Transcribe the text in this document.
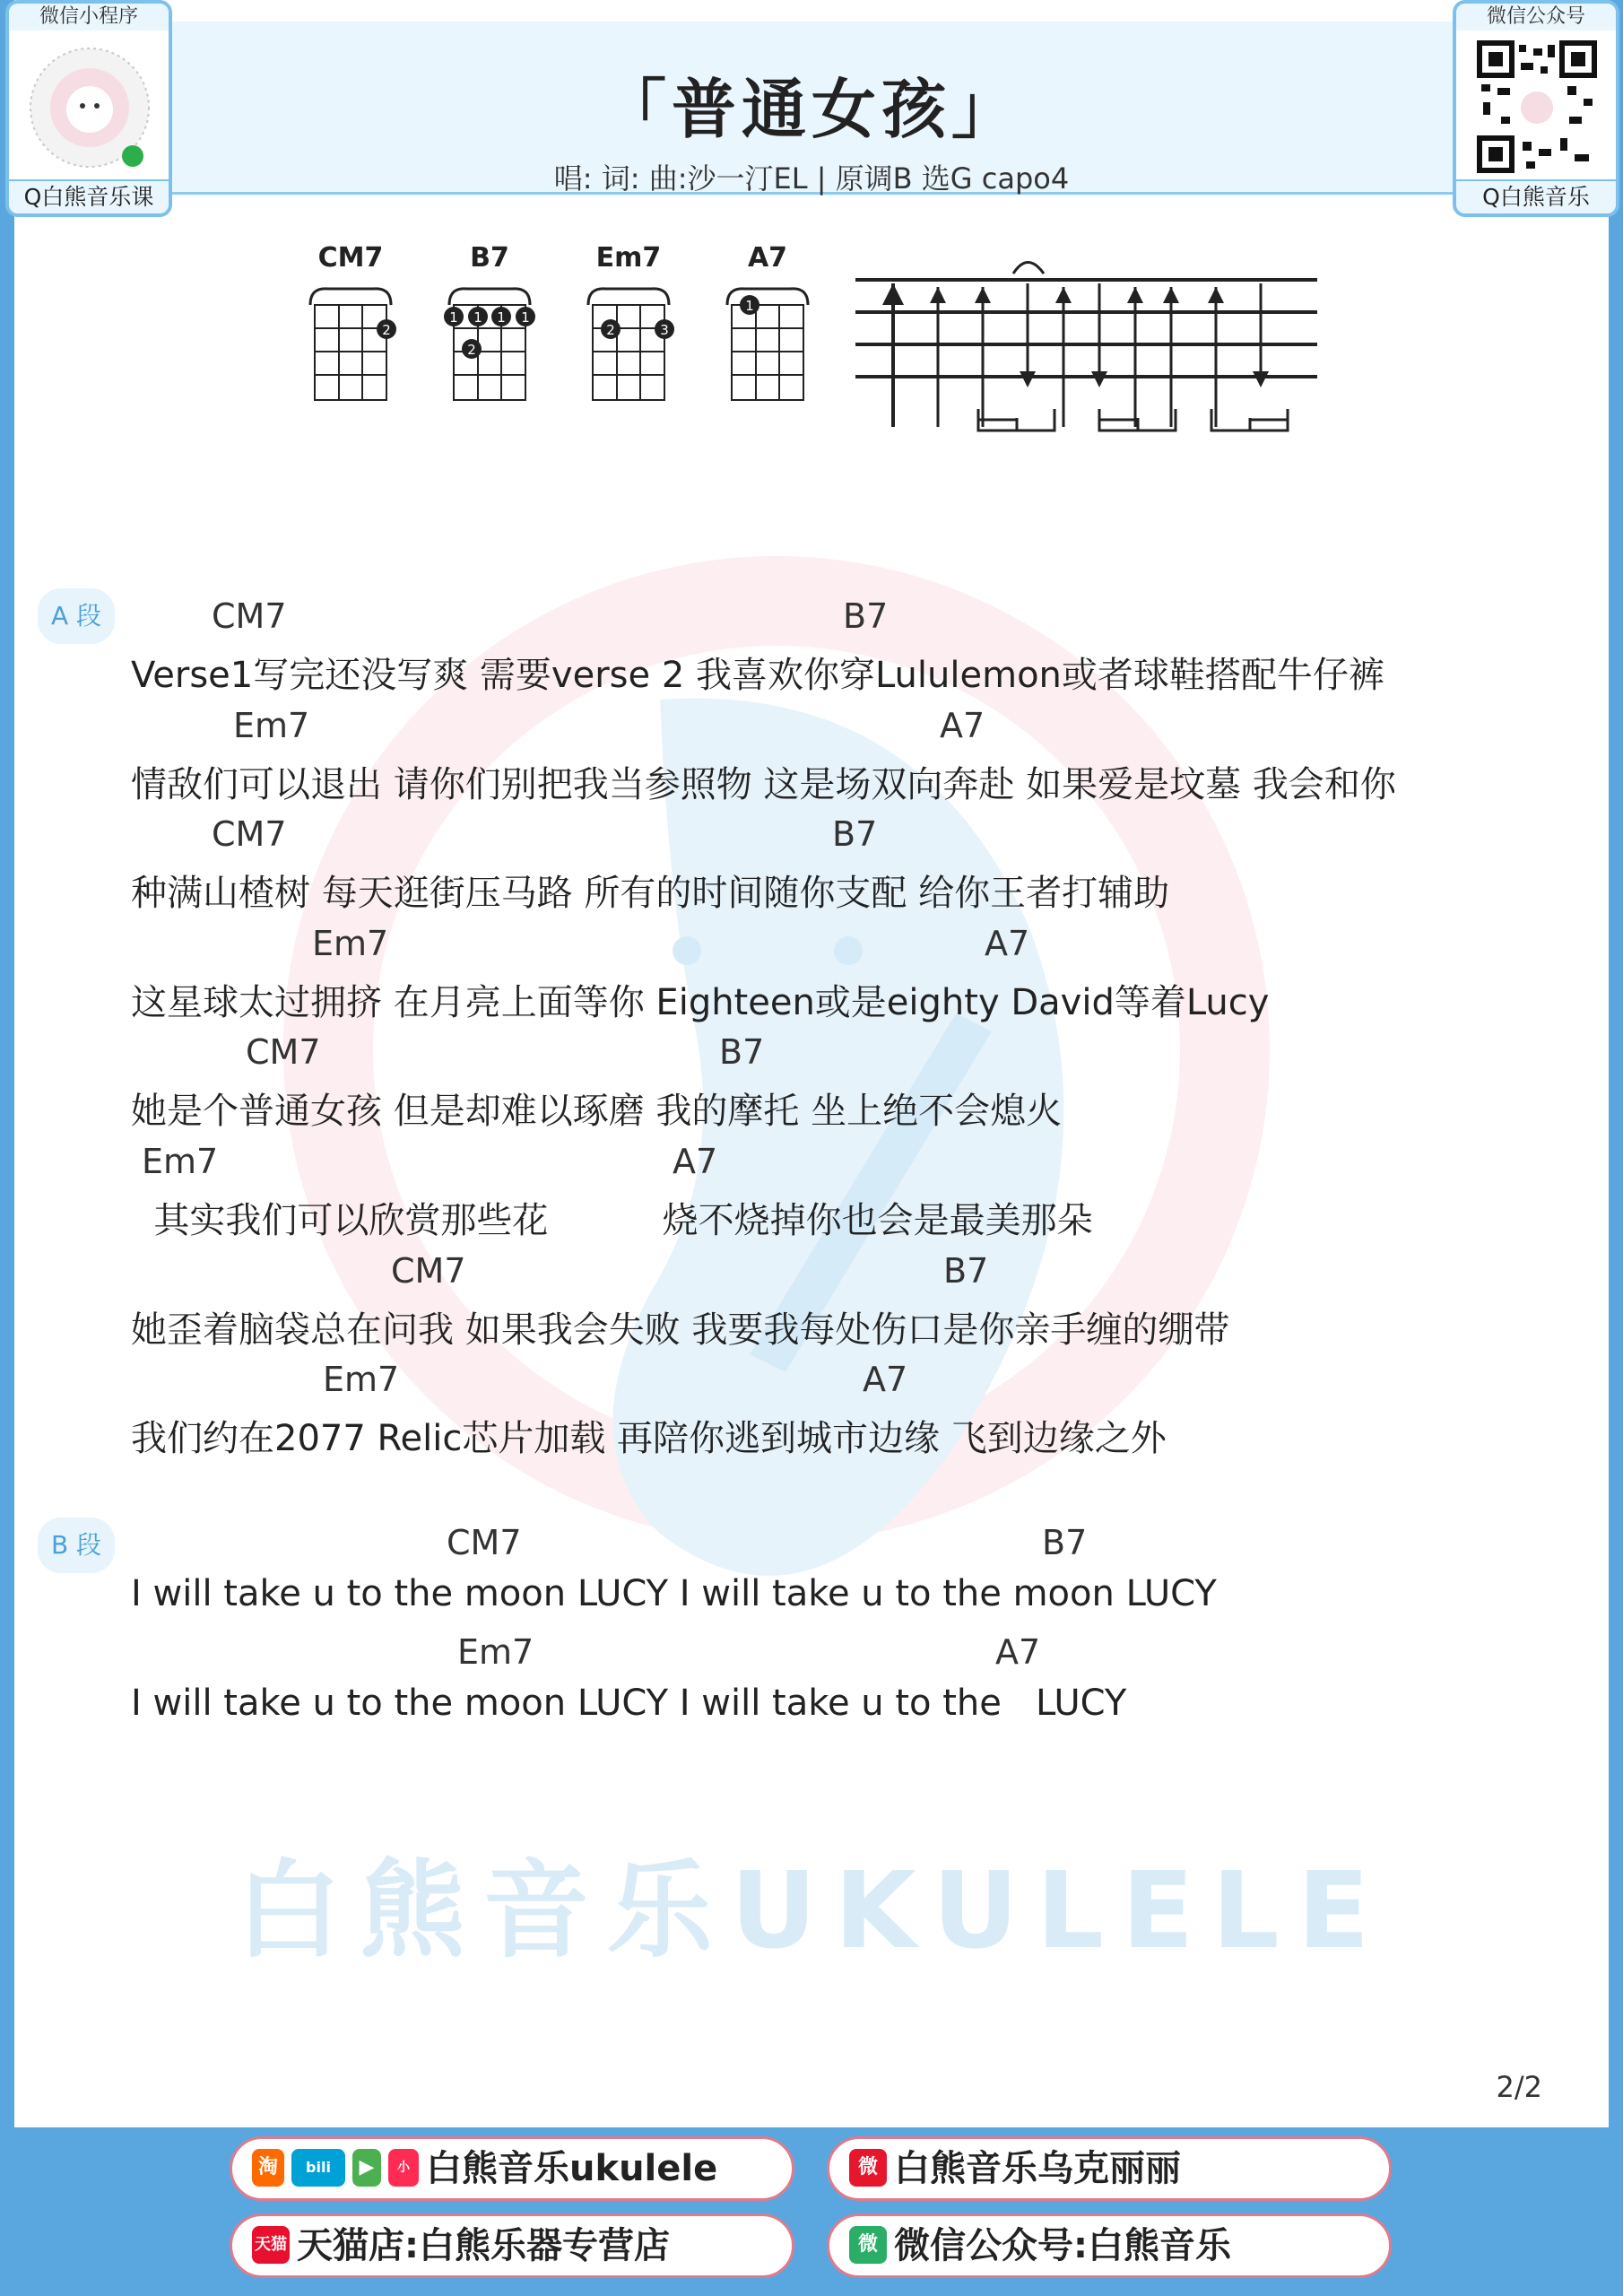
「普通女孩」
唱: 词: 曲:沙一汀EL | 原调B 选G capo4
白熊音乐UKULELE
CM7
2
B7
1 1 1 1
2
Em7
2	3
A7
1
A 段	CM7	B7
Verse1写完还没写爽 需要verse 2 我喜欢你穿Lululemon或者球鞋搭配牛仔裤
Em7	A7
情敌们可以退出 请你们别把我当参照物 这是场双向奔赴 如果爱是坟墓 我会和你
CM7	B7
种满山楂树 每天逛街压马路 所有的时间随你支配 给你王者打辅助
Em7	A7
这星球太过拥挤 在月亮上面等你 Eighteen或是eighty David等着Lucy
CM7	B7
她是个普通女孩 但是却难以琢磨 我的摩托 坐上绝不会熄火
Em7	A7
其实我们可以欣赏那些花          烧不烧掉你也会是最美那朵
CM7	B7
她歪着脑袋总在问我 如果我会失败 我要我每处伤口是你亲手缠的绷带
Em7	A7
我们约在2077 Relic芯片加载 再陪你逃到城市边缘 飞到边缘之外
B 段	CM7	B7
I will take u to the moon LUCY I will take u to the moon LUCY
Em7	A7
I will take u to the moon LUCY I will take u to the   LUCY
2/2
微信小程序
Q白熊音乐课
微信公众号
Q白熊音乐
淘 bili ▶ 小 白熊音乐ukulele	微 白熊音乐乌克丽丽
天猫 天猫店:白熊乐器专营店	微 微信公众号:白熊音乐
